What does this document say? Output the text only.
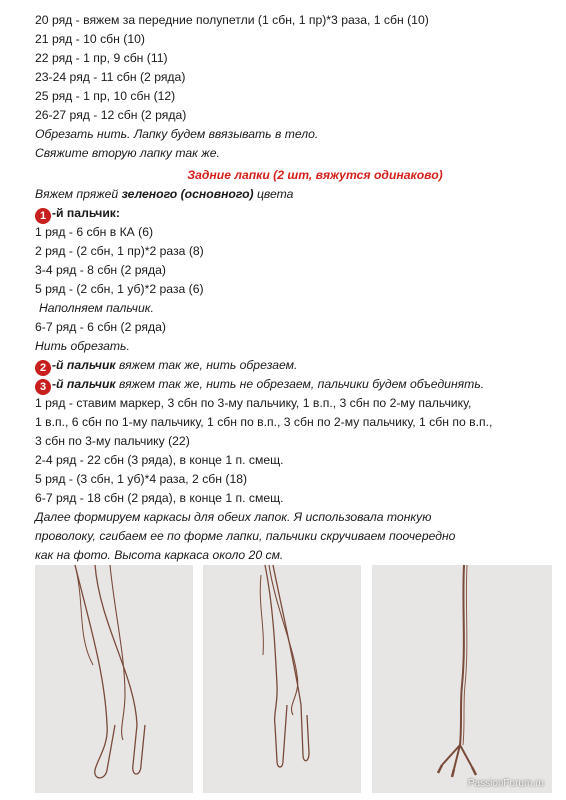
20 ряд - вяжем за передние полупетли (1 сбн, 1 пр)*3 раза, 1 сбн (10)
21 ряд - 10 сбн (10)
22 ряд - 1 пр, 9 сбн (11)
23-24 ряд - 11 сбн (2 ряда)
25 ряд - 1 пр, 10 сбн (12)
26-27 ряд - 12 сбн (2 ряда)
Обрезать нить. Лапку будем ввязывать в тело.
Свяжите вторую лапку так же.
Задние лапки (2 шт, вяжутся одинаково)
Вяжем пряжей зеленого (основного) цвета
1 -й пальчик:
1 ряд - 6 сбн в КА (6)
2 ряд - (2 сбн, 1 пр)*2 раза (8)
3-4 ряд - 8 сбн (2 ряда)
5 ряд - (2 сбн, 1 уб)*2 раза (6)
Наполняем пальчик.
6-7 ряд - 6 сбн (2 ряда)
Нить обрезать.
2 -й пальчик вяжем так же, нить обрезаем.
3 -й пальчик вяжем так же, нить не обрезаем, пальчики будем объединять.
1 ряд - ставим маркер, 3 сбн по 3-му пальчику, 1 в.п., 3 сбн по 2-му пальчику,
1 в.п., 6 сбн по 1-му пальчику, 1 сбн по в.п., 3 сбн по 2-му пальчику, 1 сбн по в.п.,
3 сбн по 3-му пальчику (22)
2-4 ряд - 22 сбн (3 ряда), в конце 1 п. смещ.
5 ряд - (3 сбн, 1 уб)*4 раза, 2 сбн (18)
6-7 ряд - 18 сбн (2 ряда), в конце 1 п. смещ.
Далее формируем каркасы для обеих лапок. Я использовала тонкую
проволоку, сгибаем ее по форме лапки, пальчики скручиваем поочередно
как на фото. Высота каркаса около 20 см.
PassionForum.ru
